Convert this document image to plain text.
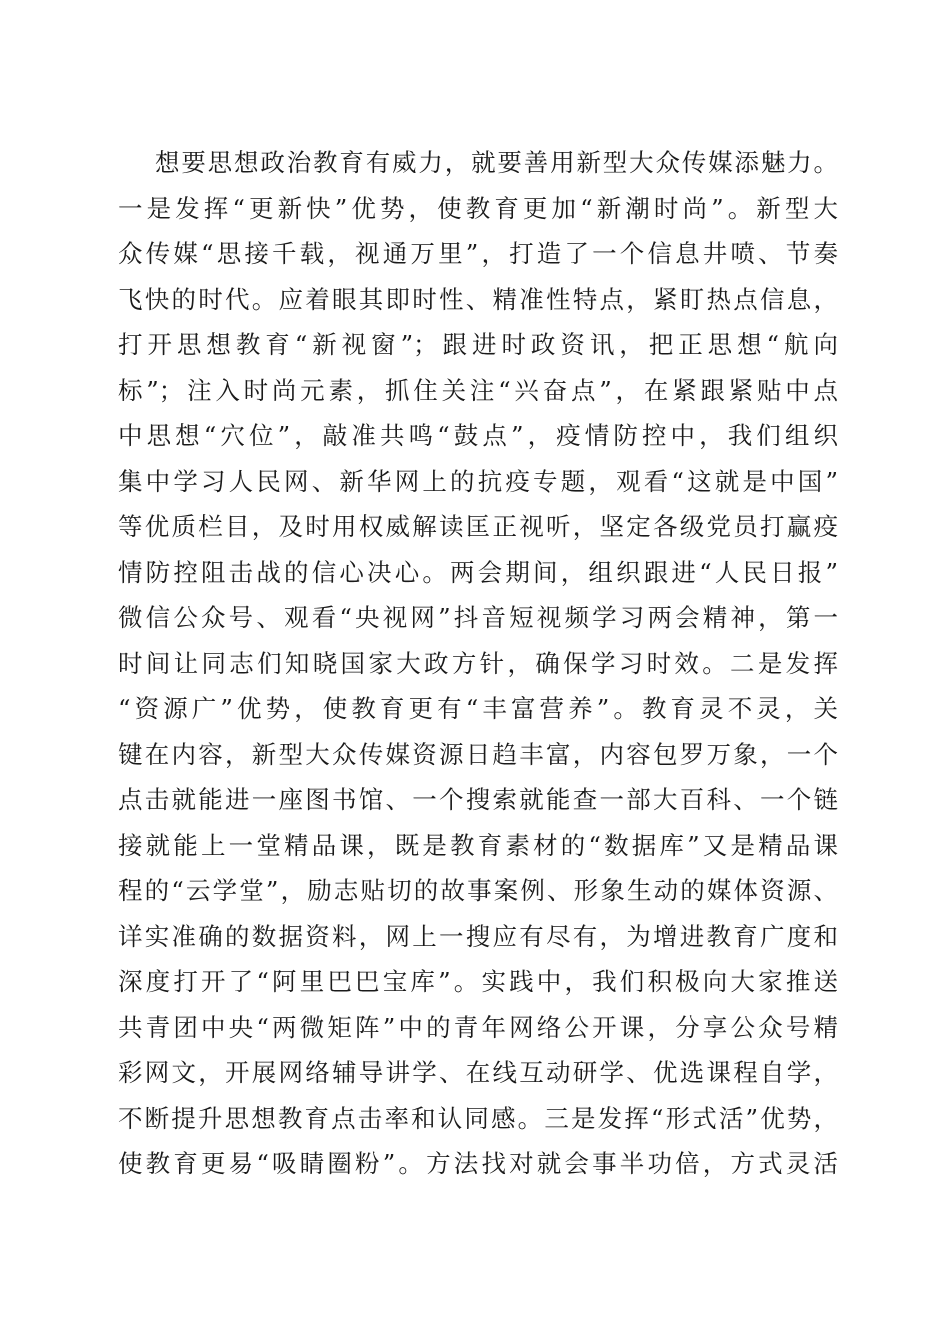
想要思想政治教育有威力，就要善用新型大众传媒添魅力。
一是发挥“更新快”优势，使教育更加“新潮时尚”。新型大
众传媒“思接千载，视通万里”，打造了一个信息井喷、节奏
飞快的时代。应着眼其即时性、精准性特点，紧盯热点信息，
打开思想教育“新视窗”；跟进时政资讯，把正思想“航向
标”；注入时尚元素，抓住关注“兴奋点”，在紧跟紧贴中点
中思想“穴位”，敲准共鸣“鼓点”，疫情防控中，我们组织
集中学习人民网、新华网上的抗疫专题，观看“这就是中国”
等优质栏目，及时用权威解读匡正视听，坚定各级党员打赢疫
情防控阻击战的信心决心。两会期间，组织跟进“人民日报”
微信公众号、观看“央视网”抖音短视频学习两会精神，第一
时间让同志们知晓国家大政方针，确保学习时效。二是发挥
“资源广”优势，使教育更有“丰富营养”。教育灵不灵，关
键在内容，新型大众传媒资源日趋丰富，内容包罗万象，一个
点击就能进一座图书馆、一个搜索就能查一部大百科、一个链
接就能上一堂精品课，既是教育素材的“数据库”又是精品课
程的“云学堂”，励志贴切的故事案例、形象生动的媒体资源、
详实准确的数据资料，网上一搜应有尽有，为增进教育广度和
深度打开了“阿里巴巴宝库”。实践中，我们积极向大家推送
共青团中央“两微矩阵”中的青年网络公开课，分享公众号精
彩网文，开展网络辅导讲学、在线互动研学、优选课程自学，
不断提升思想教育点击率和认同感。三是发挥“形式活”优势，
使教育更易“吸睛圈粉”。方法找对就会事半功倍，方式灵活
